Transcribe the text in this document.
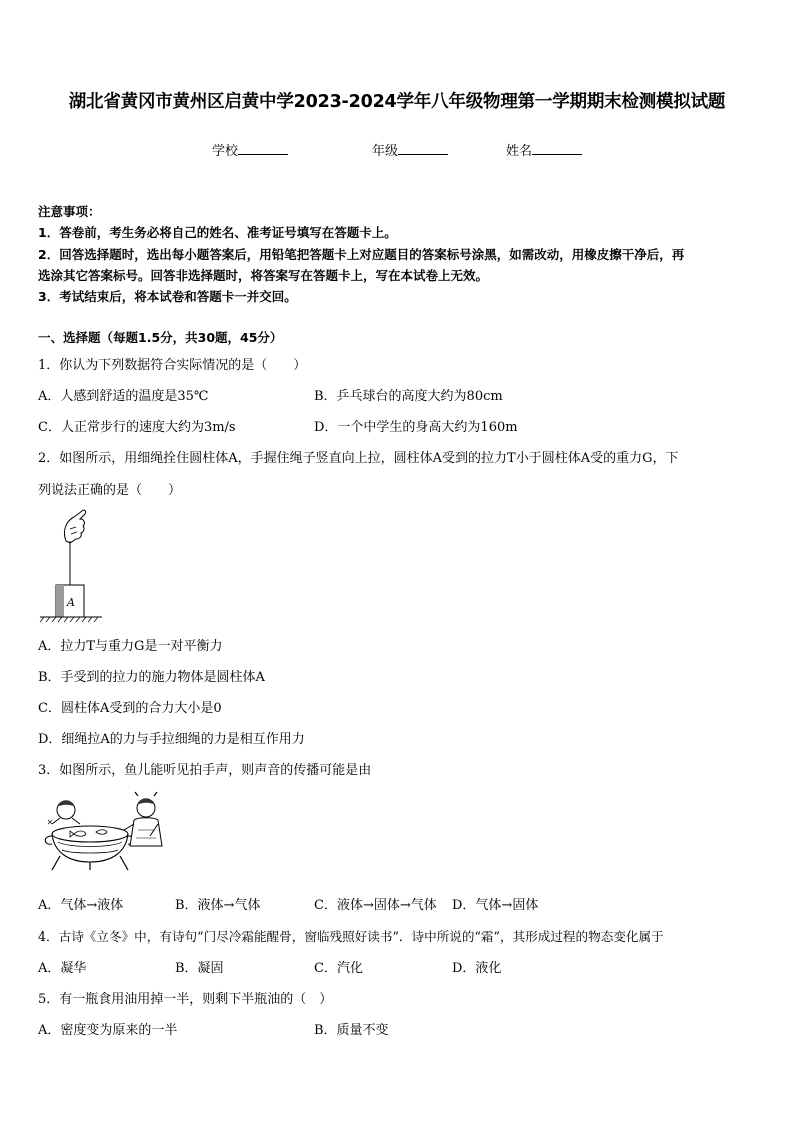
湖北省黄冈市黄州区启黄中学2023-2024学年八年级物理第一学期期末检测模拟试题
学校	年级	姓名
注意事项：
1．答卷前，考生务必将自己的姓名、准考证号填写在答题卡上。
2．回答选择题时，选出每小题答案后，用铅笔把答题卡上对应题目的答案标号涂黑，如需改动，用橡皮擦干净后，再
选涂其它答案标号。回答非选择题时，将答案写在答题卡上，写在本试卷上无效。
3．考试结束后，将本试卷和答题卡一并交回。
一、选择题（每题1.5分，共30题，45分）
1．你认为下列数据符合实际情况的是（　　）
A．人感到舒适的温度是35℃	B．乒乓球台的高度大约为80cm
C．人正常步行的速度大约为3m/s	D．一个中学生的身高大约为160m
2．如图所示，用细绳拴住圆柱体A，手握住绳子竖直向上拉，圆柱体A受到的拉力T小于圆柱体A受的重力G，下
列说法正确的是（　　）
A
A．拉力T与重力G是一对平衡力
B．手受到的拉力的施力物体是圆柱体A
C．圆柱体A受到的合力大小是0
D．细绳拉A的力与手拉细绳的力是相互作用力
3．如图所示，鱼儿能听见拍手声，则声音的传播可能是由
A．气体→液体	B．液体→气体	C．液体→固体→气体 D．气体→固体
4．古诗《立冬》中，有诗句“门尽冷霜能醒骨，窗临残照好读书”．诗中所说的“霜”，其形成过程的物态变化属于
A．凝华	B．凝固	C．汽化	D．液化
5．有一瓶食用油用掉一半，则剩下半瓶油的（　）
A．密度变为原来的一半	B．质量不变
